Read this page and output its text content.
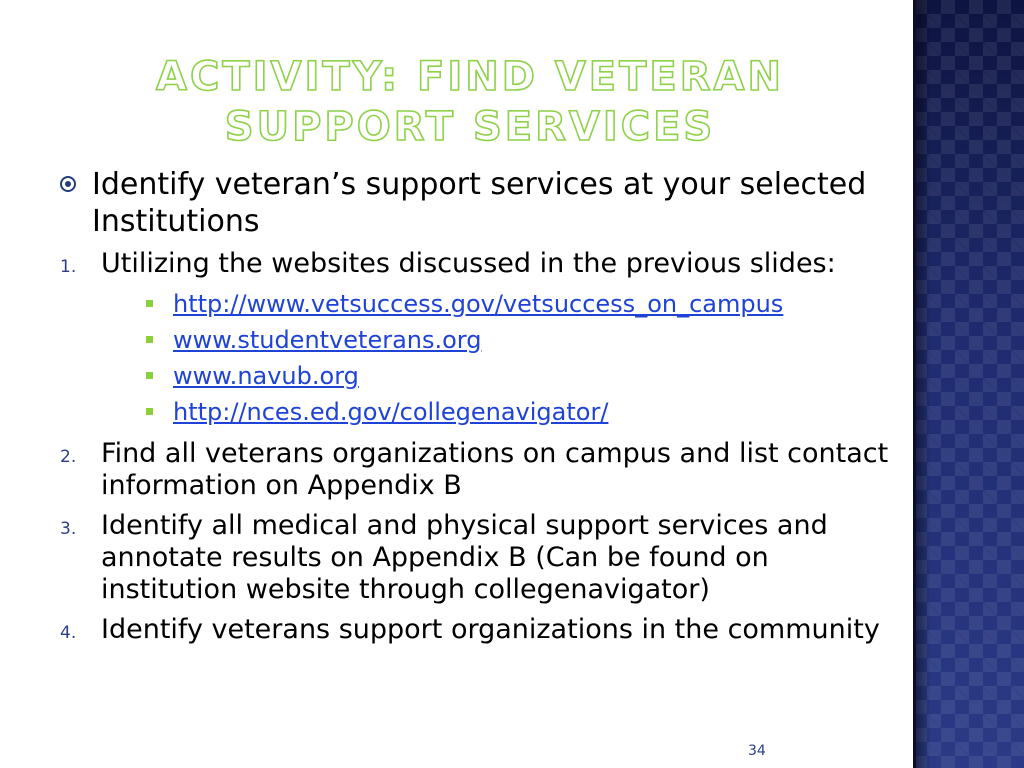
ACTIVITY: FIND VETERAN SUPPORT SERVICES
Identify veteran’s support services at your selected Institutions
1. Utilizing the websites discussed in the previous slides:
http://www.vetsuccess.gov/vetsuccess_on_campus
www.studentveterans.org
www.navub.org
http://nces.ed.gov/collegenavigator/
2. Find all veterans organizations on campus and list contact information on Appendix B
3. Identify all medical and physical support services and annotate results on Appendix B (Can be found on institution website through collegenavigator)
4. Identify veterans support organizations in the community
34
